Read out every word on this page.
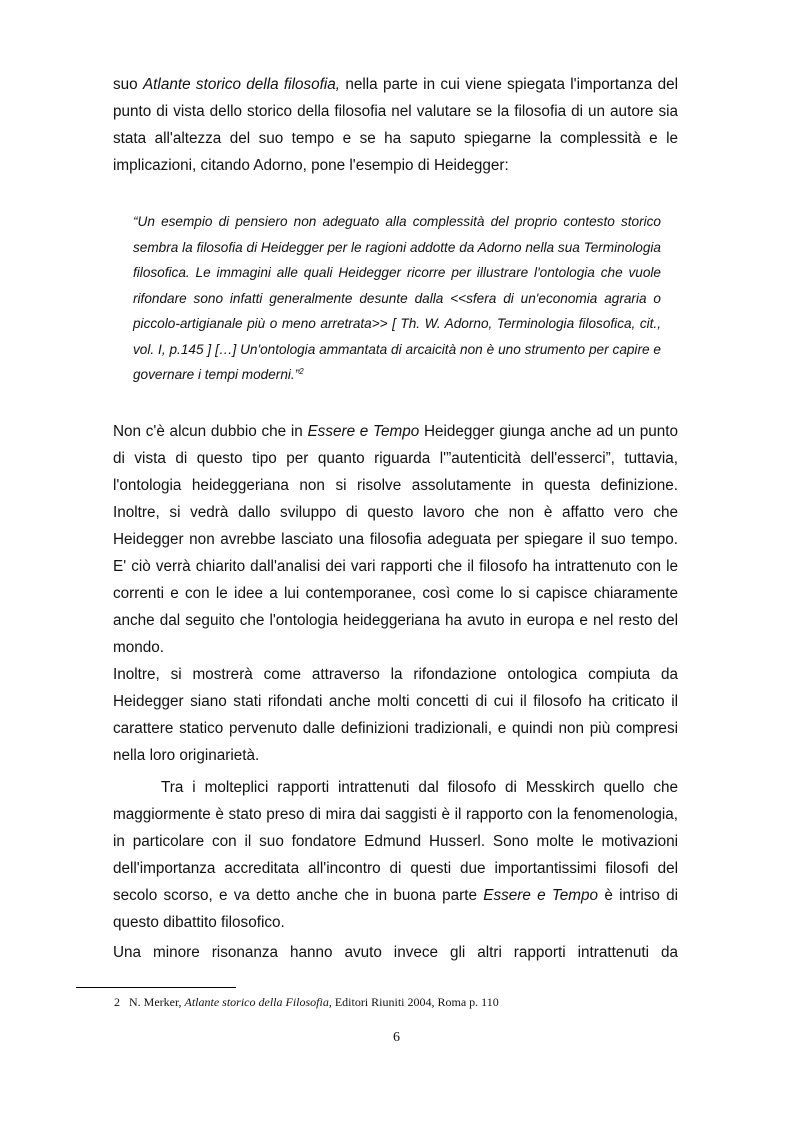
suo Atlante storico della filosofia, nella parte in cui viene spiegata l'importanza del punto di vista dello storico della filosofia nel valutare se la filosofia di un autore sia stata all'altezza del suo tempo e se ha saputo spiegarne la complessità e le implicazioni, citando Adorno, pone l'esempio di Heidegger:

“Un esempio di pensiero non adeguato alla complessità del proprio contesto storico sembra la filosofia di Heidegger per le ragioni addotte da Adorno nella sua Terminologia filosofica. Le immagini alle quali Heidegger ricorre per illustrare l'ontologia che vuole rifondare sono infatti generalmente desunte dalla <<sfera di un'economia agraria o piccolo-artigianale più o meno arretrata>> [ Th. W. Adorno, Terminologia filosofica, cit., vol. I, p.145 ] […] Un'ontologia ammantata di arcaicità non è uno strumento per capire e governare i tempi moderni.”$^2$

Non c'è alcun dubbio che in Essere e Tempo Heidegger giunga anche ad un punto di vista di questo tipo per quanto riguarda l'”autenticità dell'esserci”, tuttavia, l'ontologia heideggeriana non si risolve assolutamente in questa definizione. Inoltre, si vedrà dallo sviluppo di questo lavoro che non è affatto vero che Heidegger non avrebbe lasciato una filosofia adeguata per spiegare il suo tempo. E' ciò verrà chiarito dall'analisi dei vari rapporti che il filosofo ha intrattenuto con le correnti e con le idee a lui contemporanee, così come lo si capisce chiaramente anche dal seguito che l'ontologia heideggeriana ha avuto in europa e nel resto del mondo.

Inoltre, si mostrerà come attraverso la rifondazione ontologica compiuta da Heidegger siano stati rifondati anche molti concetti di cui il filosofo ha criticato il carattere statico pervenuto dalle definizioni tradizionali, e quindi non più compresi nella loro originarietà.

Tra i molteplici rapporti intrattenuti dal filosofo di Messkirch quello che maggiormente è stato preso di mira dai saggisti è il rapporto con la fenomenologia, in particolare con il suo fondatore Edmund Husserl. Sono molte le motivazioni dell'importanza accreditata all'incontro di questi due importantissimi filosofi del secolo scorso, e va detto anche che in buona parte Essere e Tempo è intriso di questo dibattito filosofico.

Una minore risonanza hanno avuto invece gli altri rapporti intrattenuti da

2 N. Merker, Atlante storico della Filosofia, Editori Riuniti 2004, Roma p. 110

6
